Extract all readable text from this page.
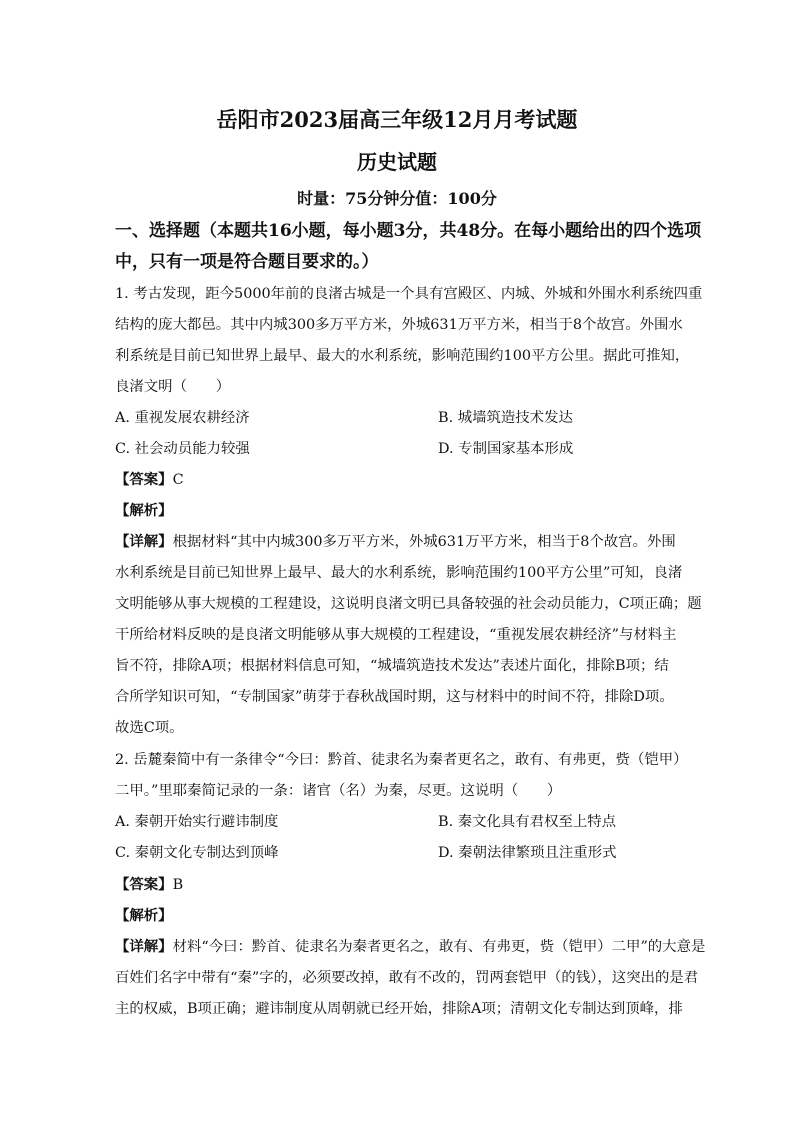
岳阳市2023届高三年级12月月考试题
历史试题
时量：75分钟分值：100分
一、选择题（本题共16小题，每小题3分，共48分。在每小题给出的四个选项
中，只有一项是符合题目要求的。）
1. 考古发现，距今5000年前的良渚古城是一个具有宫殿区、内城、外城和外围水利系统四重
结构的庞大都邑。其中内城300多万平方米，外城631万平方米，相当于8个故宫。外围水
利系统是目前已知世界上最早、最大的水利系统，影响范围约100平方公里。据此可推知，
良渚文明（　　）
A. 重视发展农耕经济	B. 城墙筑造技术发达
C. 社会动员能力较强	D. 专制国家基本形成
【答案】C
【解析】
【详解】根据材料“其中内城300多万平方米，外城631万平方米，相当于8个故宫。外围
水利系统是目前已知世界上最早、最大的水利系统，影响范围约100平方公里”可知，良渚
文明能够从事大规模的工程建设，这说明良渚文明已具备较强的社会动员能力，C项正确；题
干所给材料反映的是良渚文明能够从事大规模的工程建设，“重视发展农耕经济”与材料主
旨不符，排除A项；根据材料信息可知，“城墙筑造技术发达”表述片面化，排除B项；结
合所学知识可知，“专制国家”萌芽于春秋战国时期，这与材料中的时间不符，排除D项。
故选C项。
2. 岳麓秦简中有一条律令“今曰：黔首、徒隶名为秦者更名之，敢有、有弗更，赀（铠甲）
二甲。”里耶秦简记录的一条：诸官（名）为秦，尽更。这说明（　　）
A. 秦朝开始实行避讳制度	B. 秦文化具有君权至上特点
C. 秦朝文化专制达到顶峰	D. 秦朝法律繁琐且注重形式
【答案】B
【解析】
【详解】材料“今曰：黔首、徒隶名为秦者更名之，敢有、有弗更，赀（铠甲）二甲”的大意是
百姓们名字中带有“秦”字的，必须要改掉，敢有不改的，罚两套铠甲（的钱），这突出的是君
主的权威，B项正确；避讳制度从周朝就已经开始，排除A项；清朝文化专制达到顶峰，排
